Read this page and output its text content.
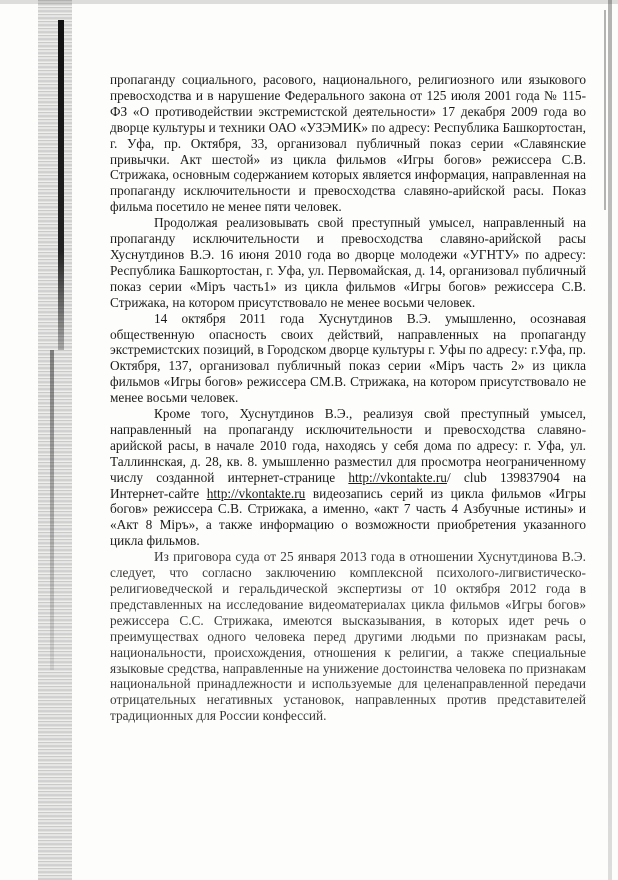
пропаганду социального, расового, национального, религиозного или языкового превосходства и в нарушение Федерального закона от 125 июля 2001 года № 115-ФЗ «О противодействии экстремистской деятельности» 17 декабря 2009 года во дворце культуры и техники ОАО «УЗЭМИК» по адресу: Республика Башкортостан, г. Уфа, пр. Октября, 33, организовал публичный показ серии «Славянские привычки. Акт шестой» из цикла фильмов «Игры богов» режиссера С.В. Стрижака, основным содержанием которых является информация, направленная на пропаганду исключительности и превосходства славяно-арийской расы. Показ фильма посетило не менее пяти человек.

Продолжая реализовывать свой преступный умысел, направленный на пропаганду исключительности и превосходства славяно-арийской расы Хуснутдинов В.Э. 16 июня 2010 года во дворце молодежи «УГНТУ» по адресу: Республика Башкортостан, г. Уфа, ул. Первомайская, д. 14, организовал публичный показ серии «Міръ часть1» из цикла фильмов «Игры богов» режиссера С.В. Стрижака, на котором присутствовало не менее восьми человек.

14 октября 2011 года Хуснутдинов В.Э. умышленно, осознавая общественную опасность своих действий, направленных на пропаганду экстремистских позиций, в Городском дворце культуры г. Уфы по адресу: г.Уфа, пр. Октября, 137, организовал публичный показ серии «Міръ часть 2» из цикла фильмов «Игры богов» режиссера СМ.В. Стрижака, на котором присутствовало не менее восьми человек.

Кроме того, Хуснутдинов В.Э., реализуя свой преступный умысел, направленный на пропаганду исключительности и превосходства славяно-арийской расы, в начале 2010 года, находясь у себя дома по адресу: г. Уфа, ул. Таллиннская, д. 28, кв. 8. умышленно разместил для просмотра неограниченному числу созданной интернет-странице http://vkontakte.ru/ club 139837904 на Интернет-сайте http://vkontakte.ru видеозапись серий из цикла фильмов «Игры богов» режиссера С.В. Стрижака, а именно, «акт 7 часть 4 Азбучные истины» и «Акт 8 Міръ», а также информацию о возможности приобретения указанного цикла фильмов.

Из приговора суда от 25 января 2013 года в отношении Хуснутдинова В.Э. следует, что согласно заключению комплексной психолого-лигвистическо-религиоведческой и геральдической экспертизы от 10 октября 2012 года в представленных на исследование видеоматериалах цикла фильмов «Игры богов» режиссера С.С. Стрижака, имеются высказывания, в которых идет речь о преимуществах одного человека перед другими людьми по признакам расы, национальности, происхождения, отношения к религии, а также специальные языковые средства, направленные на унижение достоинства человека по признакам национальной принадлежности и используемые для целенаправленной передачи отрицательных негативных установок, направленных против представителей традиционных для России конфессий.
